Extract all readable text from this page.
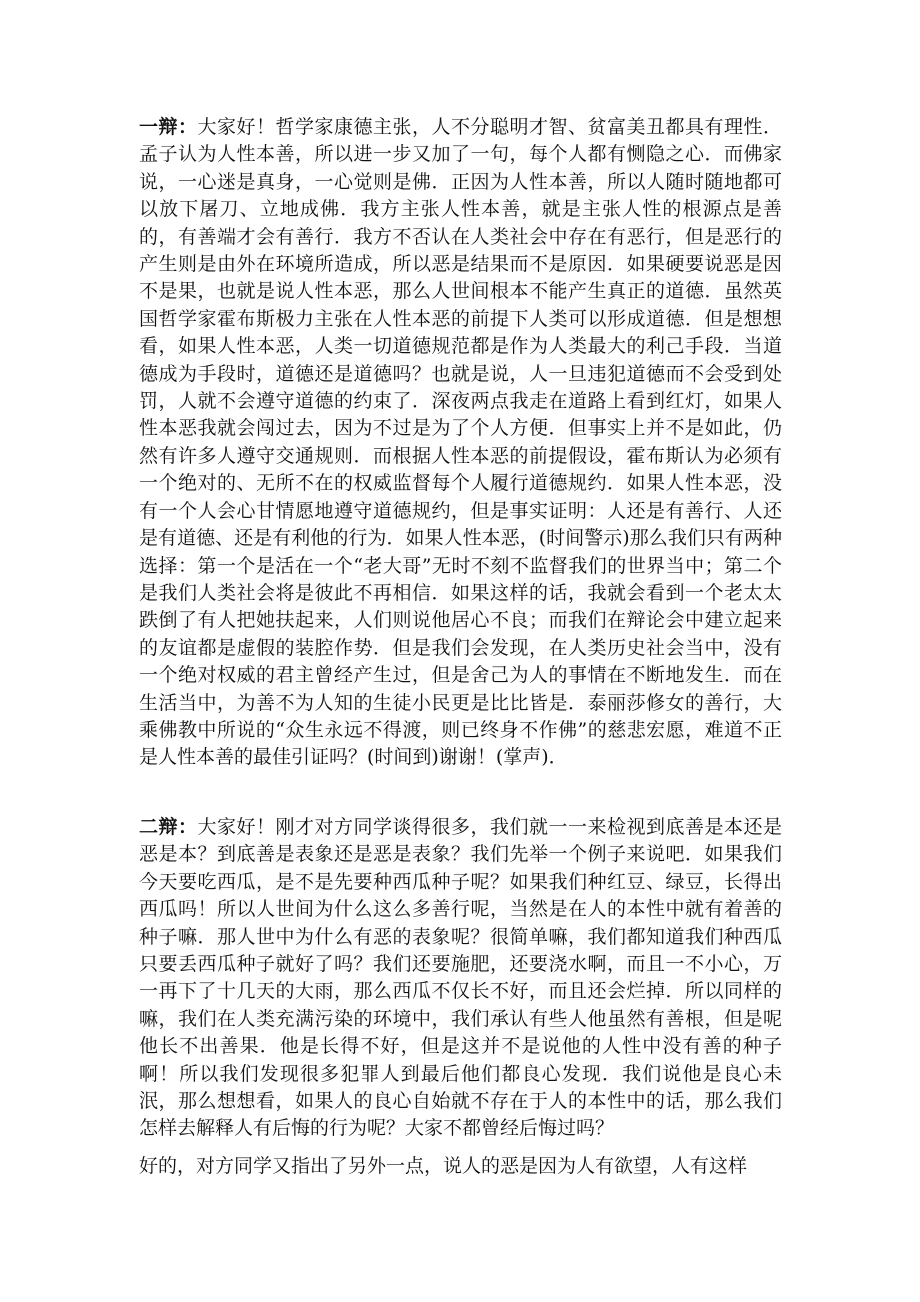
一辩：大家好！哲学家康德主张，人不分聪明才智、贫富美丑都具有理性．孟子认为人性本善，所以进一步又加了一句，每个人都有恻隐之心．而佛家说，一心迷是真身，一心觉则是佛．正因为人性本善，所以人随时随地都可以放下屠刀、立地成佛．我方主张人性本善，就是主张人性的根源点是善的，有善端才会有善行．我方不否认在人类社会中存在有恶行，但是恶行的产生则是由外在环境所造成，所以恶是结果而不是原因．如果硬要说恶是因不是果，也就是说人性本恶，那么人世间根本不能产生真正的道德．虽然英国哲学家霍布斯极力主张在人性本恶的前提下人类可以形成道德．但是想想看，如果人性本恶，人类一切道德规范都是作为人类最大的利己手段．当道德成为手段时，道德还是道德吗？也就是说，人一旦违犯道德而不会受到处罚，人就不会遵守道德的约束了．深夜两点我走在道路上看到红灯，如果人性本恶我就会闯过去，因为不过是为了个人方便．但事实上并不是如此，仍然有许多人遵守交通规则．而根据人性本恶的前提假设，霍布斯认为必须有一个绝对的、无所不在的权威监督每个人履行道德规约．如果人性本恶，没有一个人会心甘情愿地遵守道德规约，但是事实证明：人还是有善行、人还是有道德、还是有利他的行为．如果人性本恶，(时间警示)那么我们只有两种选择：第一个是活在一个“老大哥”无时不刻不监督我们的世界当中；第二个是我们人类社会将是彼此不再相信．如果这样的话，我就会看到一个老太太跌倒了有人把她扶起来，人们则说他居心不良；而我们在辩论会中建立起来的友谊都是虚假的装腔作势．但是我们会发现，在人类历史社会当中，没有一个绝对权威的君主曾经产生过，但是舍己为人的事情在不断地发生．而在生活当中，为善不为人知的生徒小民更是比比皆是．泰丽莎修女的善行，大乘佛教中所说的“众生永远不得渡，则已终身不作佛”的慈悲宏愿，难道不正是人性本善的最佳引证吗？(时间到)谢谢！(掌声)．

二辩：大家好！刚才对方同学谈得很多，我们就一一来检视到底善是本还是恶是本？到底善是表象还是恶是表象？我们先举一个例子来说吧．如果我们今天要吃西瓜，是不是先要种西瓜种子呢？如果我们种红豆、绿豆，长得出西瓜吗！所以人世间为什么这么多善行呢，当然是在人的本性中就有着善的种子嘛．那人世中为什么有恶的表象呢？很简单嘛，我们都知道我们种西瓜只要丢西瓜种子就好了吗？我们还要施肥，还要浇水啊，而且一不小心，万一再下了十几天的大雨，那么西瓜不仅长不好，而且还会烂掉．所以同样的嘛，我们在人类充满污染的环境中，我们承认有些人他虽然有善根，但是呢他长不出善果．他是长得不好，但是这并不是说他的人性中没有善的种子啊！所以我们发现很多犯罪人到最后他们都良心发现．我们说他是良心未泯，那么想想看，如果人的良心自始就不存在于人的本性中的话，那么我们怎样去解释人有后悔的行为呢？大家不都曾经后悔过吗？

好的，对方同学又指出了另外一点，说人的恶是因为人有欲望，人有这样
